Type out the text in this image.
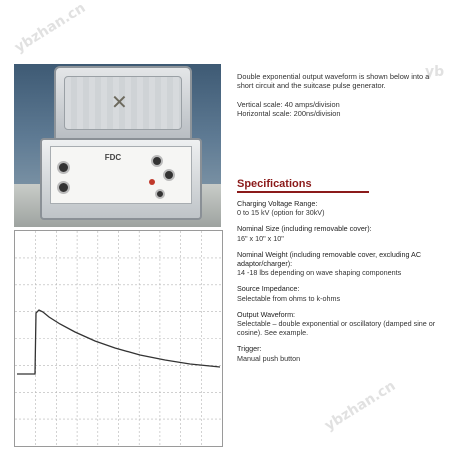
ybzhan.cn
ybzhan.cn
yb
✕
FDC

Double exponential output waveform is shown below into a short circuit and the suitcase pulse generator.

Vertical scale: 40 amps/division

Horizontal scale: 200ns/division

Specifications
Charging Voltage Range:
0 to 15 kV (option for 30kV)
Nominal Size (including removable cover):
16" x 10" x 10"
Nominal Weight (including removable cover, excluding AC adaptor/charger):
14 -18 lbs depending on wave shaping components
Source Impedance:
Selectable from ohms to k-ohms
Output Waveform:
Selectable – double exponential or oscillatory (damped sine or cosine). See example.
Trigger:
Manual push button
